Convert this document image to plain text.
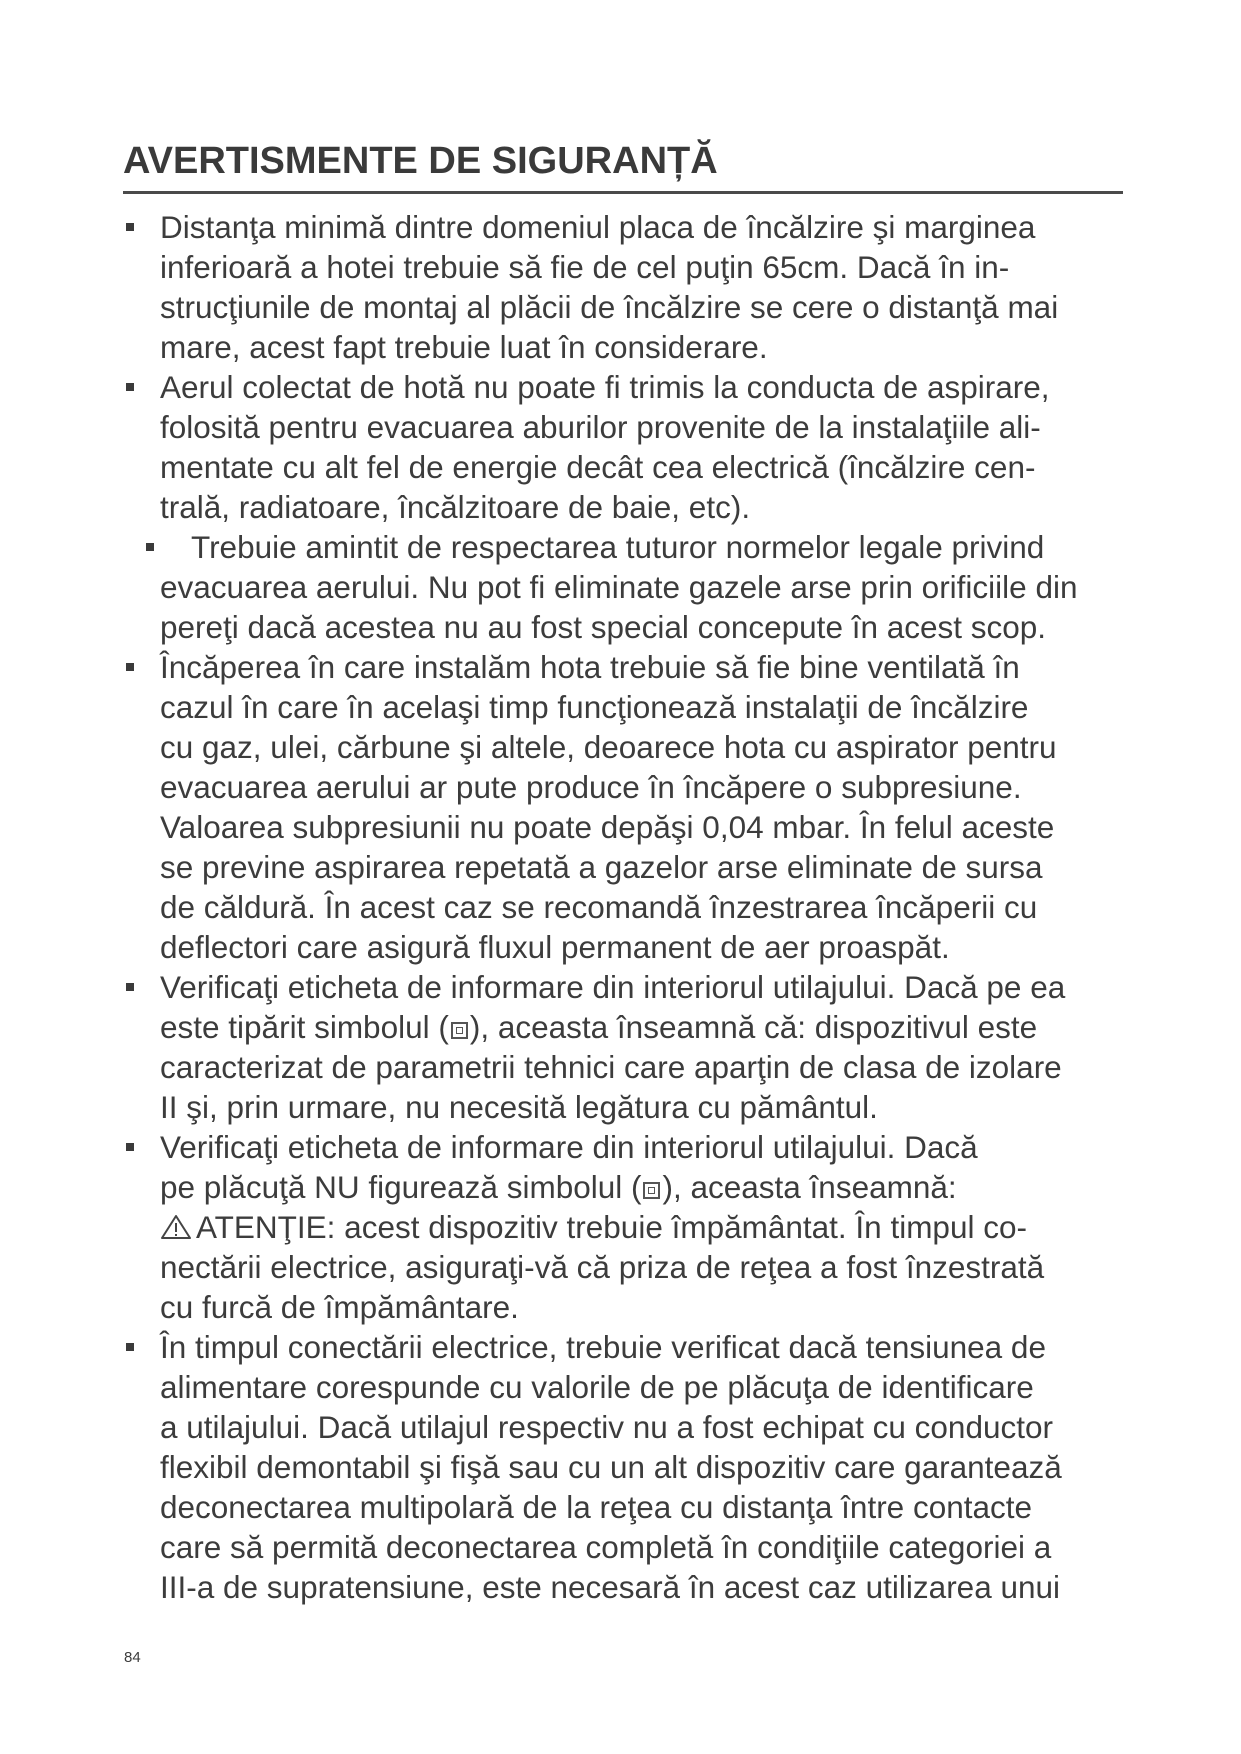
AVERTISMENTE DE SIGURANȚĂ
Distanţa minimă dintre domeniul placa de încălzire şi marginea
inferioară a hotei trebuie să fie de cel puţin 65cm. Dacă în in-
strucţiunile de montaj al plăcii de încălzire se cere o distanţă mai
mare, acest fapt trebuie luat în considerare.
Aerul colectat de hotă nu poate fi trimis la conducta de aspirare,
folosită pentru evacuarea aburilor provenite de la instalaţiile ali-
mentate cu alt fel de energie decât cea electrică (încălzire cen-
trală, radiatoare, încălzitoare de baie, etc).
Trebuie amintit de respectarea tuturor normelor legale privind
evacuarea aerului. Nu pot fi eliminate gazele arse prin orificiile din
pereţi dacă acestea nu au fost special concepute în acest scop.
Încăperea în care instalăm hota trebuie să fie bine ventilată în
cazul în care în acelaşi timp funcţionează instalaţii de încălzire
cu gaz, ulei, cărbune şi altele, deoarece hota cu aspirator pentru
evacuarea aerului ar pute produce în încăpere o subpresiune.
Valoarea subpresiunii nu poate depăşi 0,04 mbar. În felul aceste
se previne aspirarea repetată a gazelor arse eliminate de sursa
de căldură. În acest caz se recomandă înzestrarea încăperii cu
deflectori care asigură fluxul permanent de aer proaspăt.
Verificaţi eticheta de informare din interiorul utilajului. Dacă pe ea
este tipărit simbolul ( ), aceasta înseamnă că: dispozitivul este
caracterizat de parametrii tehnici care aparţin de clasa de izolare
II şi, prin urmare, nu necesită legătura cu pământul.
Verificaţi eticheta de informare din interiorul utilajului. Dacă
pe plăcuţă NU figurează simbolul ( ), aceasta înseamnă:
ATENŢIE: acest dispozitiv trebuie împământat. În timpul co-
nectării electrice, asiguraţi-vă că priza de reţea a fost înzestrată
cu furcă de împământare.
În timpul conectării electrice, trebuie verificat dacă tensiunea de
alimentare corespunde cu valorile de pe plăcuţa de identificare
a utilajului. Dacă utilajul respectiv nu a fost echipat cu conductor
flexibil demontabil şi fişă sau cu un alt dispozitiv care garantează
deconectarea multipolară de la reţea cu distanţa între contacte
care să permită deconectarea completă în condiţiile categoriei a
III-a de supratensiune, este necesară în acest caz utilizarea unui
84
